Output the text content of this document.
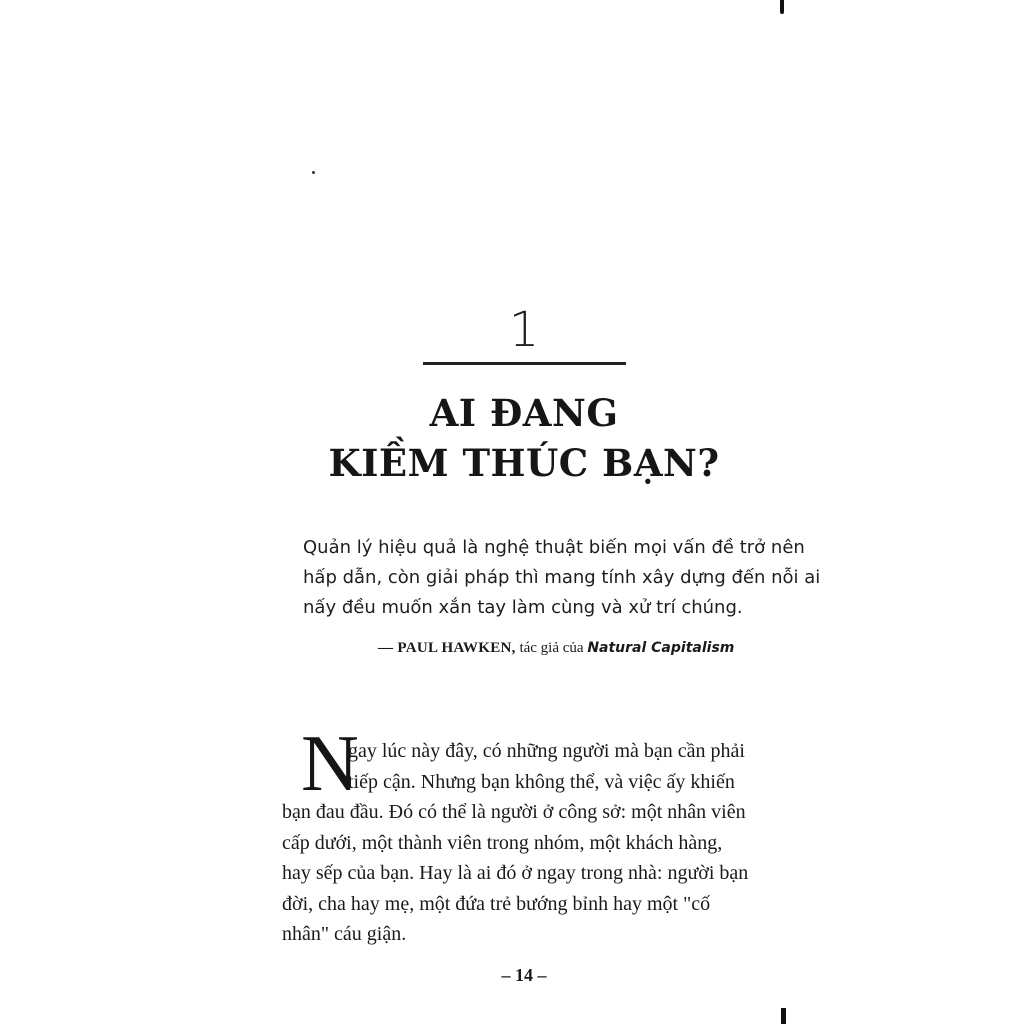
1
AI ĐANG
KIỀM THÚC BẠN?
Quản lý hiệu quả là nghệ thuật biến mọi vấn đề trở nên
hấp dẫn, còn giải pháp thì mang tính xây dựng đến nỗi ai
nấy đều muốn xắn tay làm cùng và xử trí chúng.
— PAUL HAWKEN, tác giả của Natural Capitalism
N
gay lúc này đây, có những người mà bạn cần phải
tiếp cận. Nhưng bạn không thể, và việc ấy khiến
bạn đau đầu. Đó có thể là người ở công sở: một nhân viên
cấp dưới, một thành viên trong nhóm, một khách hàng,
hay sếp của bạn. Hay là ai đó ở ngay trong nhà: người bạn
đời, cha hay mẹ, một đứa trẻ bướng bỉnh hay một "cố
nhân" cáu giận.
– 14 –
